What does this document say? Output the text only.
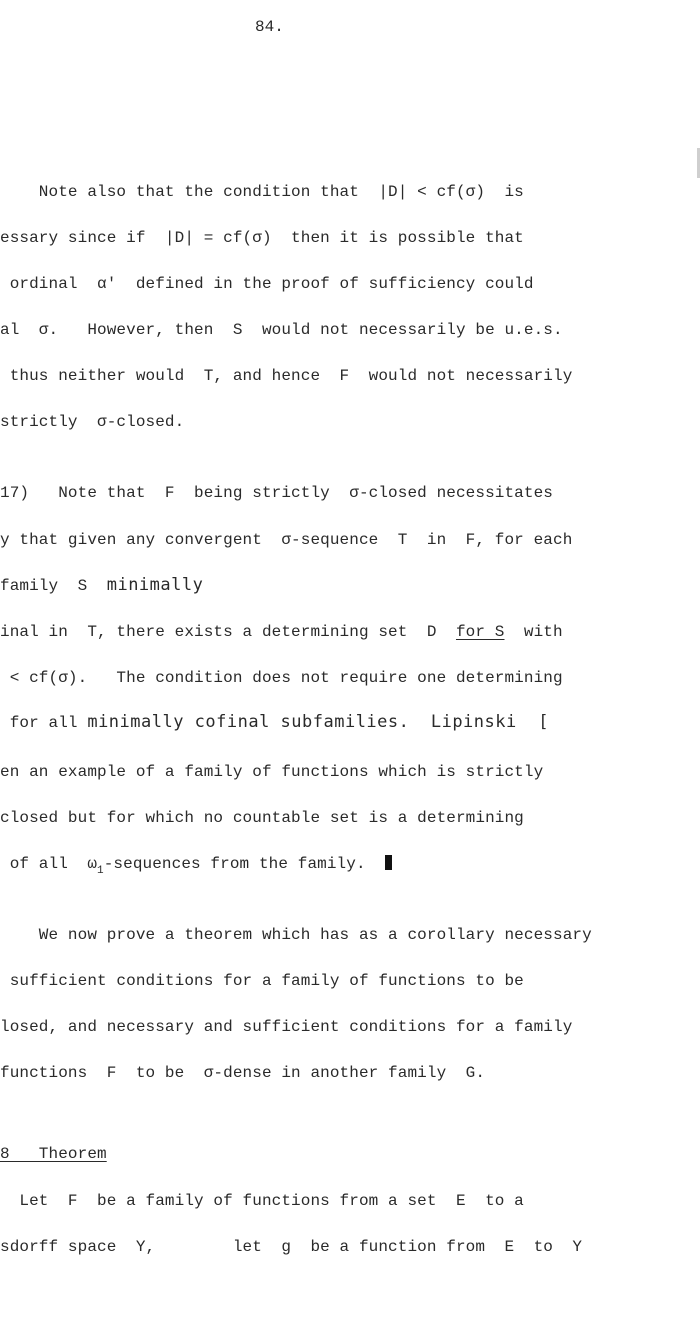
84.
Note also that the condition that  |D| < cf(σ)  is
essary since if  |D| = cf(σ)  then it is possible that
ordinal  α'  defined in the proof of sufficiency could
al  σ.   However, then  S  would not necessarily be u.e.s.
thus neither would  T, and hence  F  would not necessarily
strictly  σ-closed.
17)   Note that  F  being strictly  σ-closed necessitates
y that given any convergent  σ-sequence  T  in  F, for each
family  S  minimally
inal in  T, there exists a determining set  D  for S  with
< cf(σ).   The condition does not require one determining
for all minimally cofinal subfamilies.  Lipinski  [
en an example of a family of functions which is strictly
closed but for which no countable set is a determining
of all  $\omega_1$-sequences from the family.
We now prove a theorem which has as a corollary necessary
sufficient conditions for a family of functions to be
losed, and necessary and sufficient conditions for a family
functions  F  to be  σ-dense in another family  G.
8   Theorem
Let  F  be a family of functions from a set  E  to a
sdorff space  Y,        let  g  be a function from  E  to  Y
